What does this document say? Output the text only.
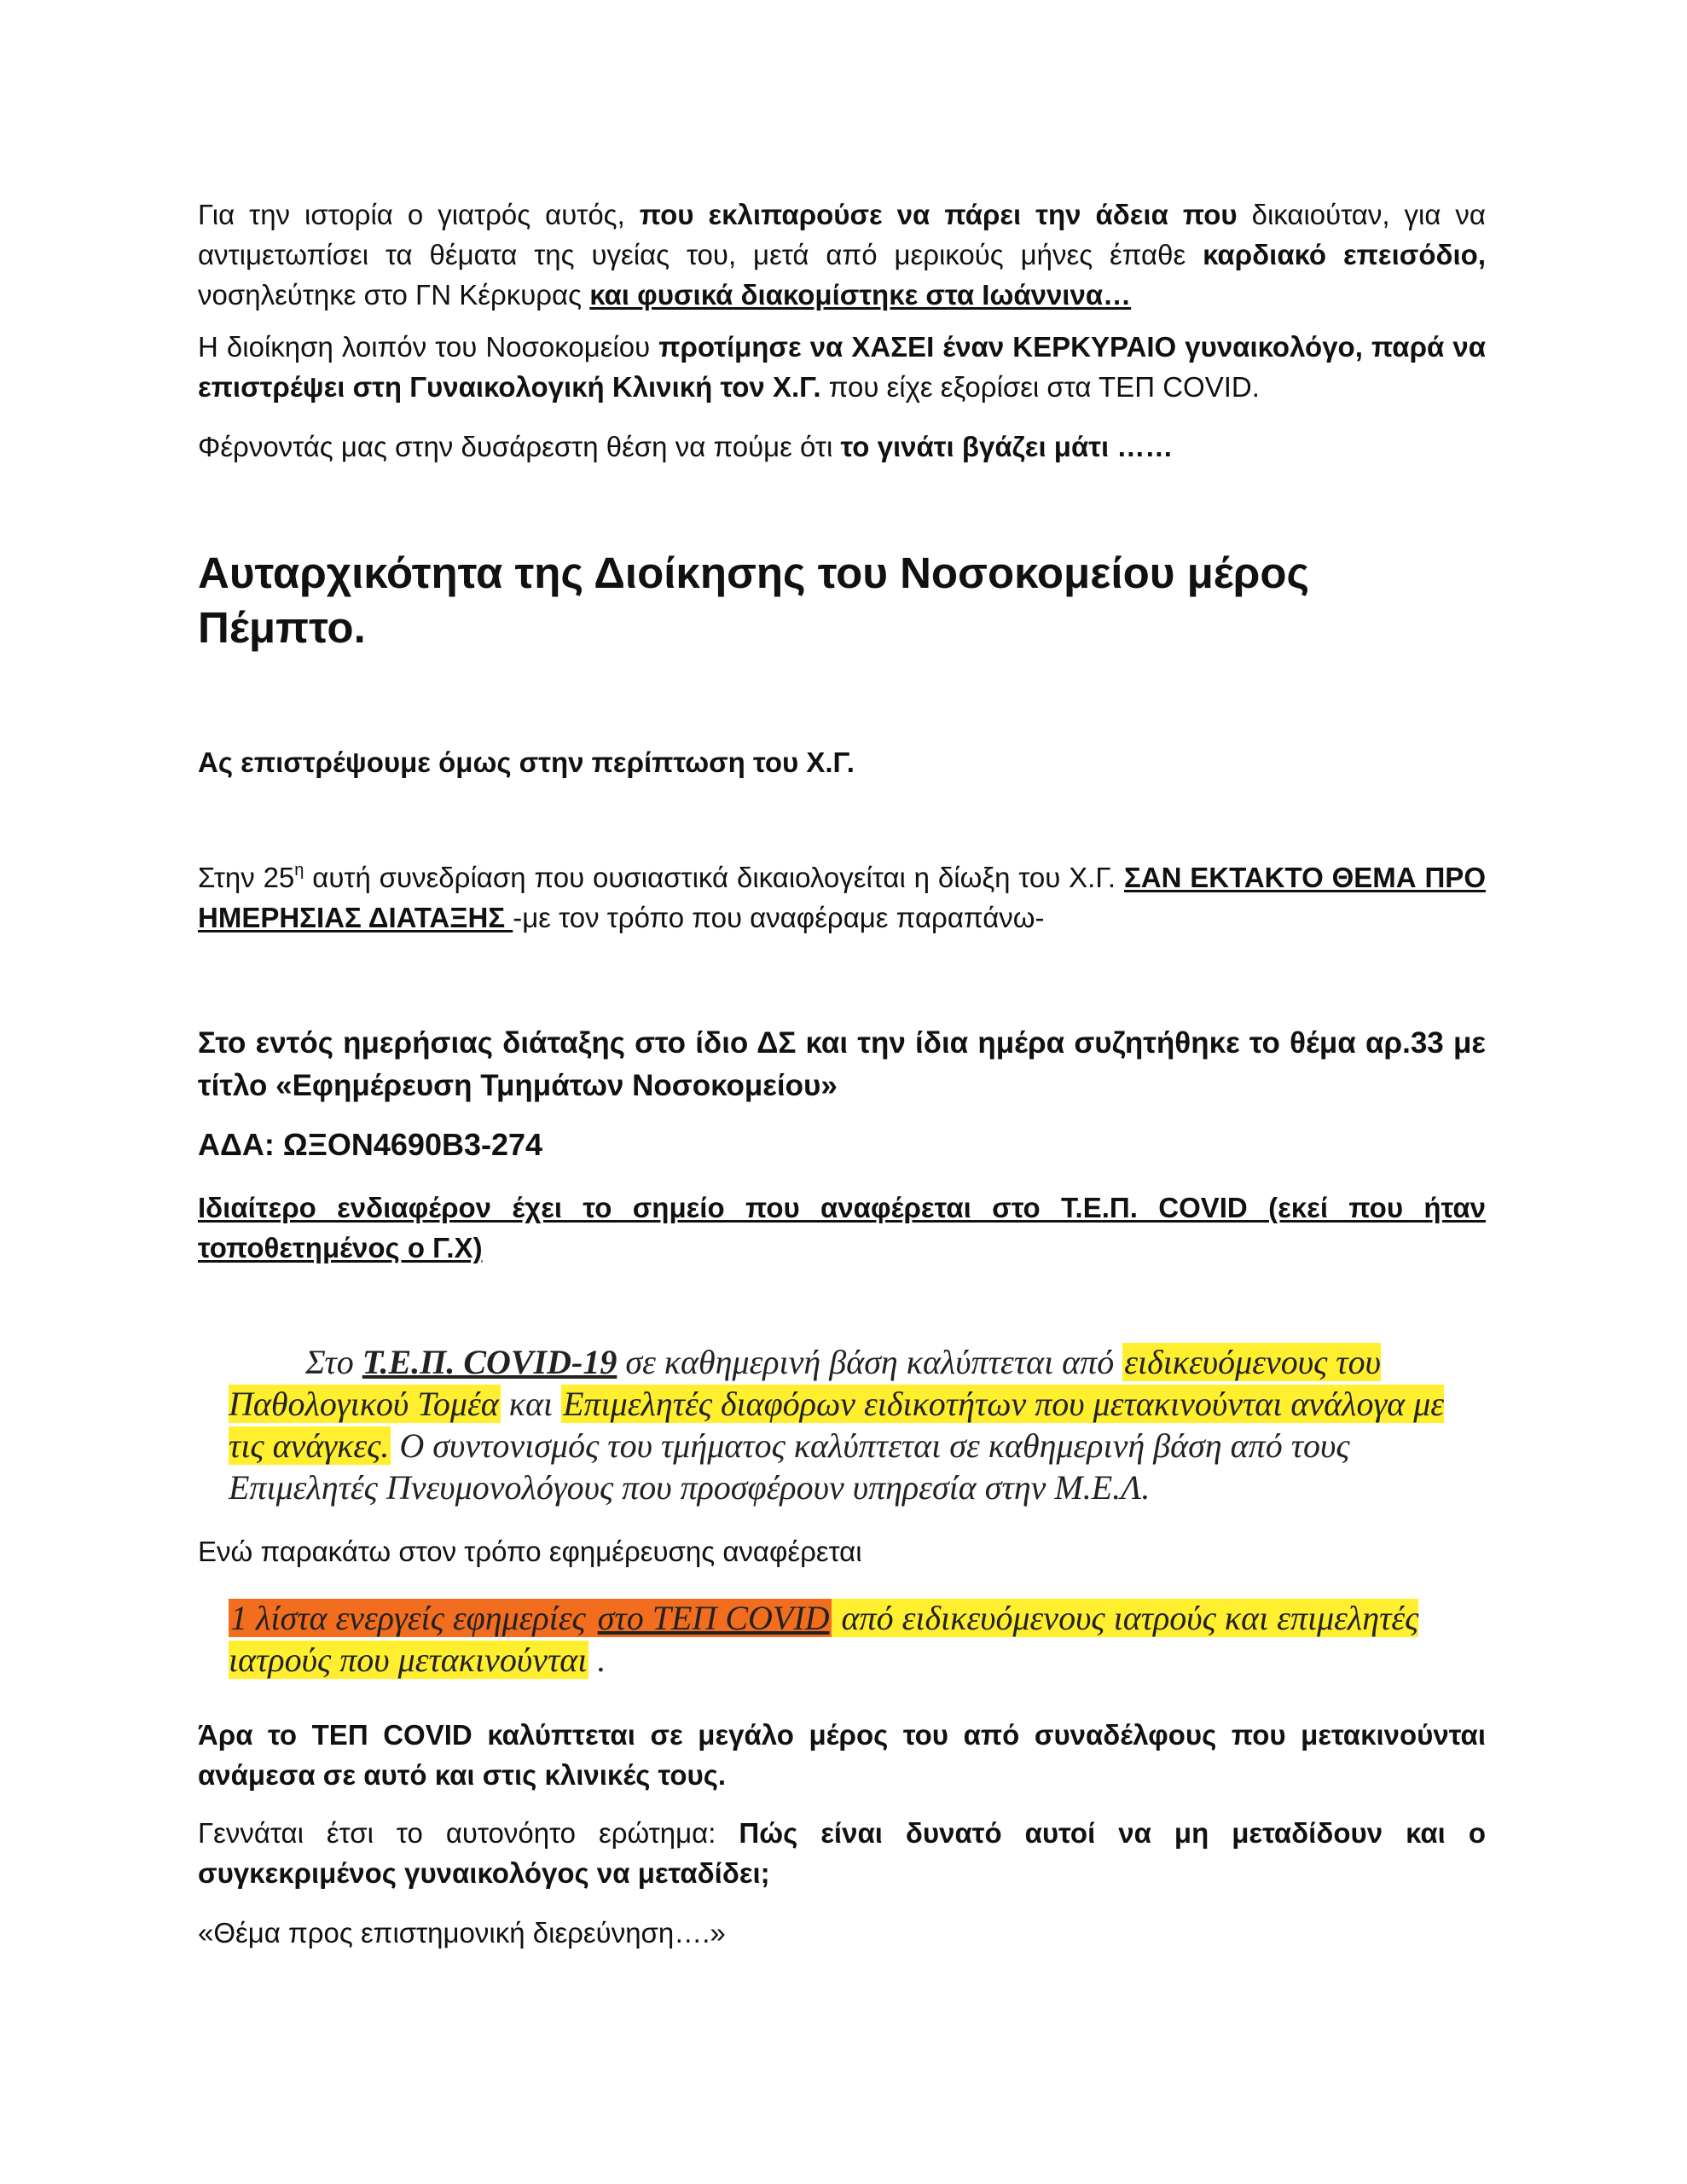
Για την ιστορία ο γιατρός αυτός, που εκλιπαρούσε να πάρει την άδεια που δικαιούταν, για να αντιμετωπίσει τα θέματα της υγείας του, μετά από μερικούς μήνες έπαθε καρδιακό επεισόδιο, νοσηλεύτηκε στο ΓΝ Κέρκυρας και φυσικά διακομίστηκε στα Ιωάννινα…

Η διοίκηση λοιπόν του Νοσοκομείου προτίμησε να ΧΑΣΕΙ έναν ΚΕΡΚΥΡΑΙΟ γυναικολόγο, παρά να επιστρέψει στη Γυναικολογική Κλινική τον Χ.Γ. που είχε εξορίσει στα ΤΕΠ COVID.

Φέρνοντάς μας στην δυσάρεστη θέση να πούμε ότι το γινάτι βγάζει μάτι ……

Αυταρχικότητα της Διοίκησης του Νοσοκομείου μέρος Πέμπτο.

Ας επιστρέψουμε όμως στην περίπτωση του Χ.Γ.

Στην $25^\eta$ αυτή συνεδρίαση που ουσιαστικά δικαιολογείται η δίωξη του Χ.Γ. ΣΑΝ ΕΚΤΑΚΤΟ ΘΕΜΑ ΠΡΟ ΗΜΕΡΗΣΙΑΣ ΔΙΑΤΑΞΗΣ -με τον τρόπο που αναφέραμε παραπάνω-

Στο εντός ημερήσιας διάταξης στο ίδιο ΔΣ και την ίδια ημέρα συζητήθηκε το θέμα αρ.33 με τίτλο «Εφημέρευση Τμημάτων Νοσοκομείου»

ΑΔΑ: ΩΞΟΝ4690Β3-274

Ιδιαίτερο ενδιαφέρον έχει το σημείο που αναφέρεται στο Τ.Ε.Π. COVID (εκεί που ήταν τοποθετημένος ο Γ.Χ)

Στο Τ.Ε.Π. COVID-19 σε καθημερινή βάση καλύπτεται από ειδικευόμενους του Παθολογικού Τομέα και Επιμελητές διαφόρων ειδικοτήτων που μετακινούνται ανάλογα με τις ανάγκες. Ο συντονισμός του τμήματος καλύπτεται σε καθημερινή βάση από τους Επιμελητές Πνευμονολόγους που προσφέρουν υπηρεσία στην Μ.Ε.Λ.

Ενώ παρακάτω στον τρόπο εφημέρευσης αναφέρεται

1 λίστα ενεργείς εφημερίες στο ΤΕΠ COVID από ειδικευόμενους ιατρούς και επιμελητές ιατρούς που μετακινούνται .

Άρα το ΤΕΠ COVID καλύπτεται σε μεγάλο μέρος του από συναδέλφους που μετακινούνται ανάμεσα σε αυτό και στις κλινικές τους.

Γεννάται έτσι το αυτονόητο ερώτημα: Πώς είναι δυνατό αυτοί να μη μεταδίδουν και ο συγκεκριμένος γυναικολόγος να μεταδίδει;

«Θέμα προς επιστημονική διερεύνηση….»
